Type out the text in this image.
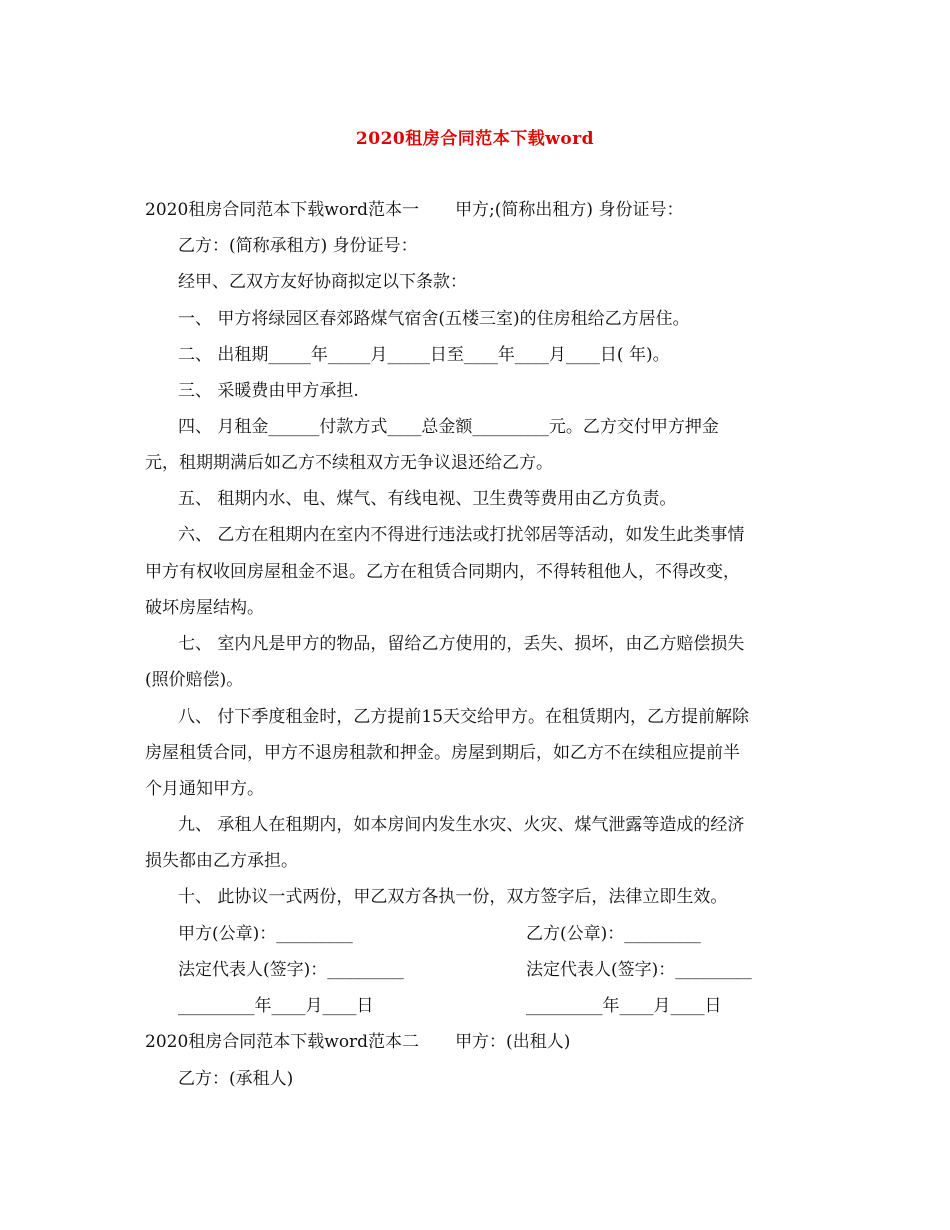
2020租房合同范本下载word
2020租房合同范本下载word范本一 甲方;(简称出租方) 身份证号：
乙方：(简称承租方) 身份证号：
经甲、乙双方友好协商拟定以下条款：
一、 甲方将绿园区春郊路煤气宿舍(五楼三室)的住房租给乙方居住。
二、 出租期_____年_____月_____日至____年____月____日( 年)。
三、 采暖费由甲方承担.
四、 月租金______付款方式____总金额_________元。乙方交付甲方押金
元，租期期满后如乙方不续租双方无争议退还给乙方。
五、 租期内水、电、煤气、有线电视、卫生费等费用由乙方负责。
六、 乙方在租期内在室内不得进行违法或打扰邻居等活动，如发生此类事情
甲方有权收回房屋租金不退。乙方在租赁合同期内，不得转租他人，不得改变，
破坏房屋结构。
七、 室内凡是甲方的物品，留给乙方使用的，丢失、损坏，由乙方赔偿损失
(照价赔偿)。
八、 付下季度租金时，乙方提前15天交给甲方。在租赁期内，乙方提前解除
房屋租赁合同，甲方不退房租款和押金。房屋到期后，如乙方不在续租应提前半
个月通知甲方。
九、 承租人在租期内，如本房间内发生水灾、火灾、煤气泄露等造成的经济
损失都由乙方承担。
十、 此协议一式两份，甲乙双方各执一份，双方签字后，法律立即生效。
甲方(公章)：_________	乙方(公章)：_________
法定代表人(签字)：_________	法定代表人(签字)：_________
_________年____月____日	_________年____月____日
2020租房合同范本下载word范本二 甲方：(出租人)
乙方：(承租人)
